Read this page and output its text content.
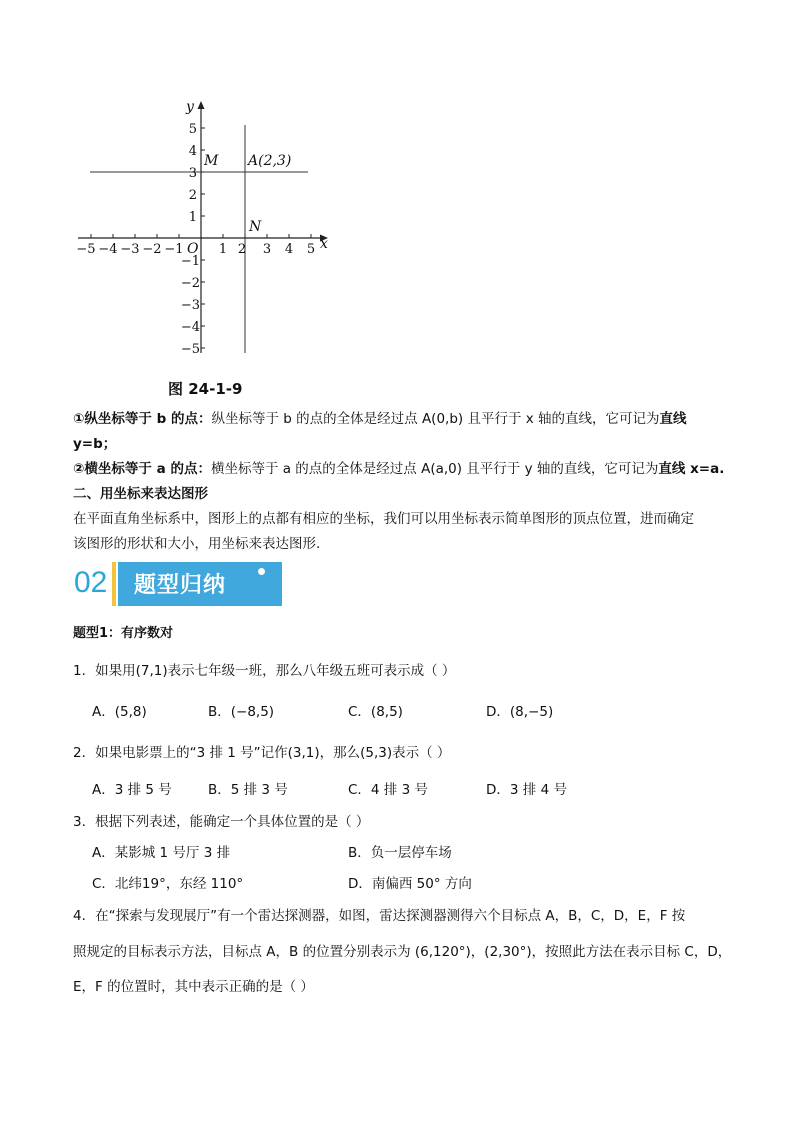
−5 −4 −3 −2 −1	1 2 3 4 5
5
4
3
2
1
−1
−2
−3
−4
−5
x
y
O
M A(2,3)
N
图 24-1-9
①纵坐标等于 b 的点：纵坐标等于 b 的点的全体是经过点 A(0,b) 且平行于 x 轴的直线，它可记为直线
y=b；
②横坐标等于 a 的点：横坐标等于 a 的点的全体是经过点 A(a,0) 且平行于 y 轴的直线，它可记为直线 x=a.
二、用坐标来表达图形
在平面直角坐标系中，图形上的点都有相应的坐标，我们可以用坐标表示简单图形的顶点位置，进而确定
该图形的形状和大小，用坐标来表达图形.
02 题型归纳
题型1：有序数对
1．如果用(7,1)表示七年级一班，那么八年级五班可表示成（ ）
A．(5,8)	B．(−8,5)	C．(8,5)	D．(8,−5)
2．如果电影票上的“3 排 1 号”记作(3,1)，那么(5,3)表示（ ）
A．3 排 5 号	B．5 排 3 号	C．4 排 3 号	D．3 排 4 号
3．根据下列表述，能确定一个具体位置的是（ ）
A．某影城 1 号厅 3 排	B．负一层停车场
C．北纬19°，东经 110°	D．南偏西 50° 方向
4．在“探索与发现展厅”有一个雷达探测器，如图，雷达探测器测得六个目标点 A，B，C，D，E，F 按
照规定的目标表示方法，目标点 A，B 的位置分别表示为 (6,120°)，(2,30°)，按照此方法在表示目标 C，D，
E，F 的位置时，其中表示正确的是（ ）
